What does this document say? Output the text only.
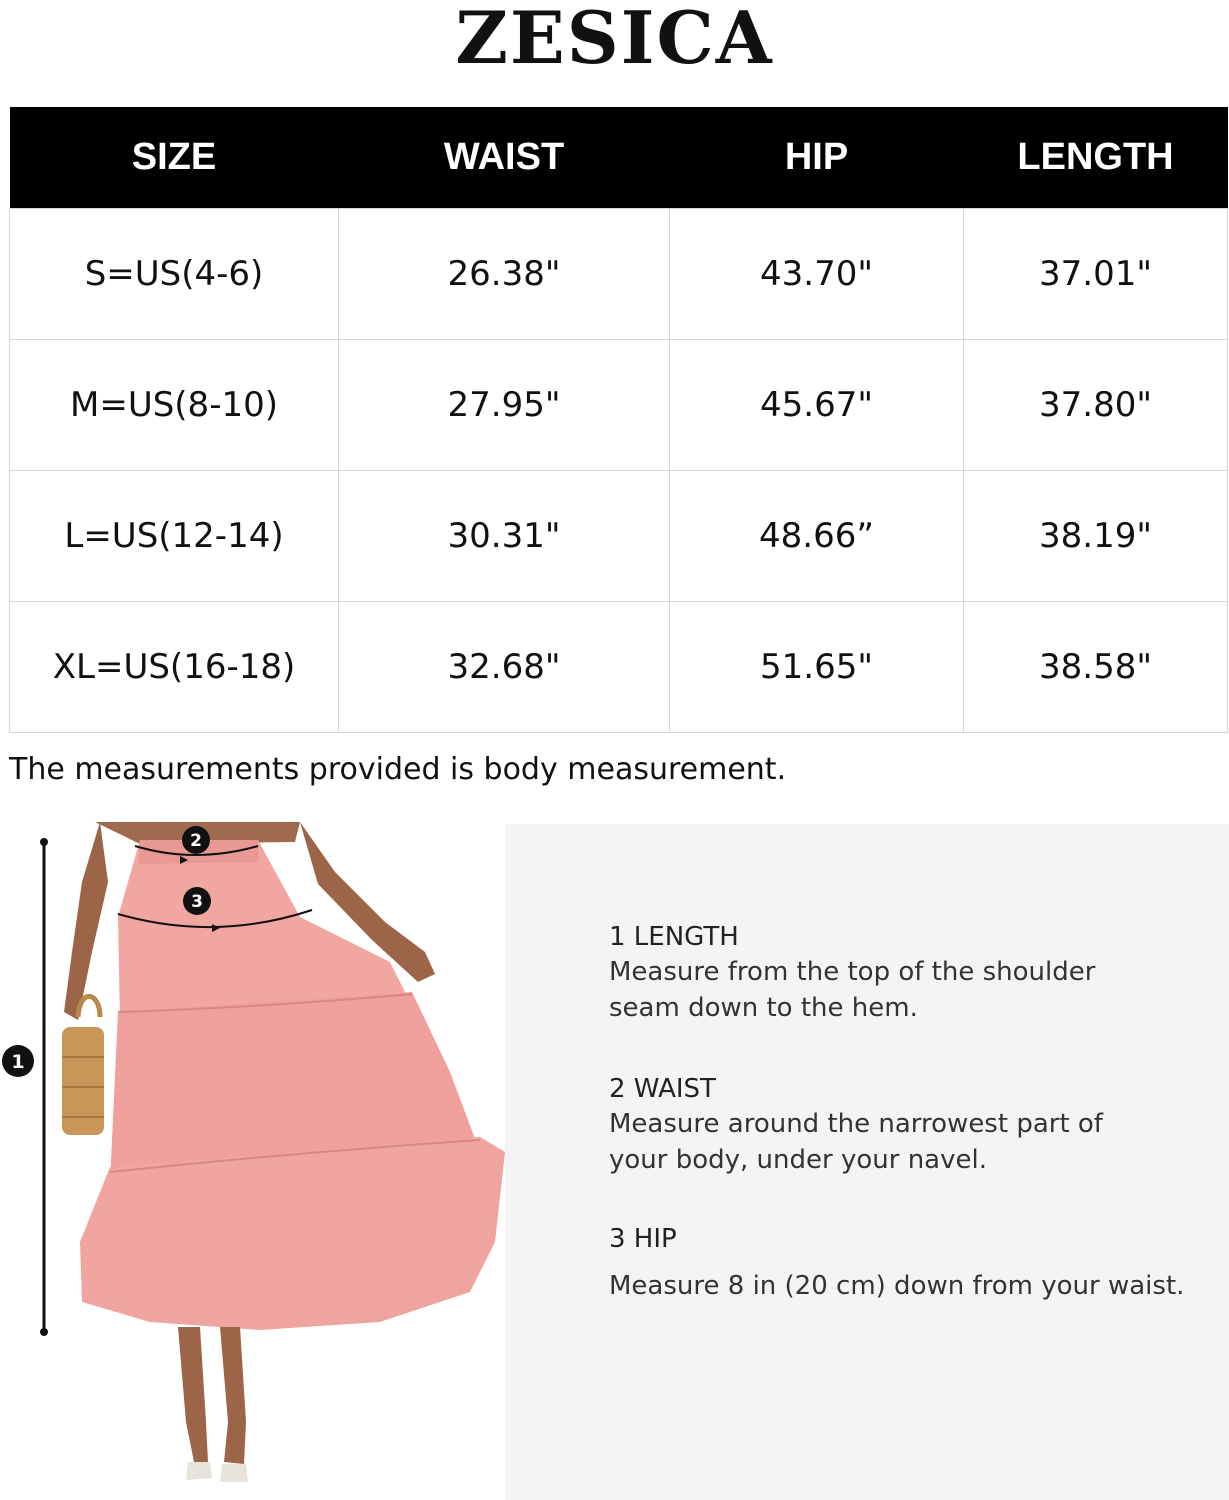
ZESICA
SIZE	WAIST	HIP	LENGTH
S=US(4-6)	26.38"	43.70"	37.01"
M=US(8-10)	27.95"	45.67"	37.80"
L=US(12-14)	30.31"	48.66”	38.19"
XL=US(16-18)	32.68"	51.65"	38.58"

The measurements provided is body measurement.

1
2
3
1 LENGTH
Measure from the top of the shoulder
seam down to the hem.
2 WAIST
Measure around the narrowest part of
your body, under your navel.
3 HIP
Measure 8 in (20 cm) down from your waist.
